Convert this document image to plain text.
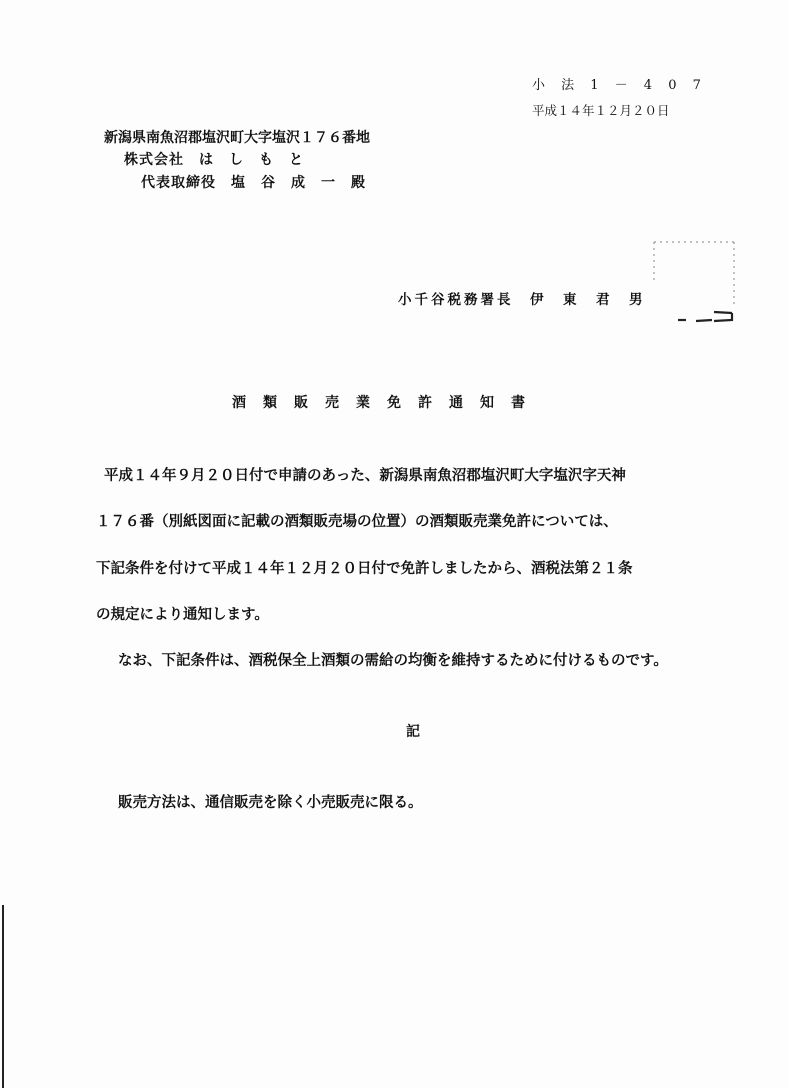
小 法 1 － 4 0 7
平成１４年１２月２０日
新潟県南魚沼郡塩沢町大字塩沢１７６番地
株式会社　は　し　も　と
代表取締役　塩　谷　成　一　殿
小千谷税務署長　伊　東　君　男
酒類販売業免許通知書
平成１４年９月２０日付で申請のあった、新潟県南魚沼郡塩沢町大字塩沢字天神
１７６番（別紙図面に記載の酒類販売場の位置）の酒類販売業免許については、
下記条件を付けて平成１４年１２月２０日付で免許しましたから、酒税法第２１条
の規定により通知します。
なお、下記条件は、酒税保全上酒類の需給の均衡を維持するために付けるものです。
記
販売方法は、通信販売を除く小売販売に限る。
